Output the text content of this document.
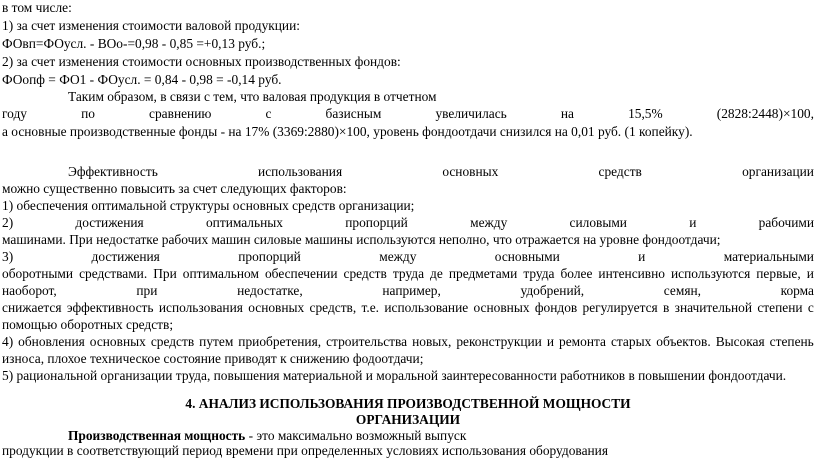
в том числе:
1) за счет изменения стоимости валовой продукции:
ФОвп=ФОусл. - ВОо-=0,98 - 0,85 =+0,13 руб.;
2) за счет изменения стоимости основных производственных фондов:
ФОопф = ФО1 - ФОусл. = 0,84 - 0,98 = -0,14 руб.
Таким образом, в связи с тем, что валовая продукция в отчетном
году	по	сравнению	с	базисным	увеличилась	на	15,5%	(2828:2448)×100,
а основные производственные фонды - на 17% (3369:2880)×100, уровень фондоотдачи снизился на 0,01 руб. (1 копейку).
Эффективность	использования	основных	средств	организации
можно существенно повысить за счет следующих факторов:
1) обеспечения оптимальной структуры основных средств организации;
2)	достижения	оптимальных	пропорций	между	силовыми	и	рабочими
машинами. При недостатке рабочих машин силовые машины используются неполно, что отражается на уровне фондоотдачи;
3)	достижения	пропорций	между	основными	и	материальными
оборотными средствами. При оптимальном обеспечении средств труда де предметами труда более интенсивно используются первые, и
наоборот,	при	недостатке,	например,	удобрений,	семян,	корма
снижается эффективность использования основных средств, т.е. использование основных фондов регулируется в значительной степени с
помощью оборотных средств;
4) обновления основных средств путем приобретения, строительства новых, реконструкции и ремонта старых объектов. Высокая степень
износа, плохое техническое состояние приводят к снижению фодоотдачи;
5) рациональной организации труда, повышения материальной и моральной заинтересованности работников в повышении фондоотдачи.
4. АНАЛИЗ ИСПОЛЬЗОВАНИЯ ПРОИЗВОДСТВЕННОЙ МОЩНОСТИ
ОРГАНИЗАЦИИ
Производственная мощность - это максимально возможный выпуск
продукции в соответствующий период времени при определенных условиях использования оборудования
